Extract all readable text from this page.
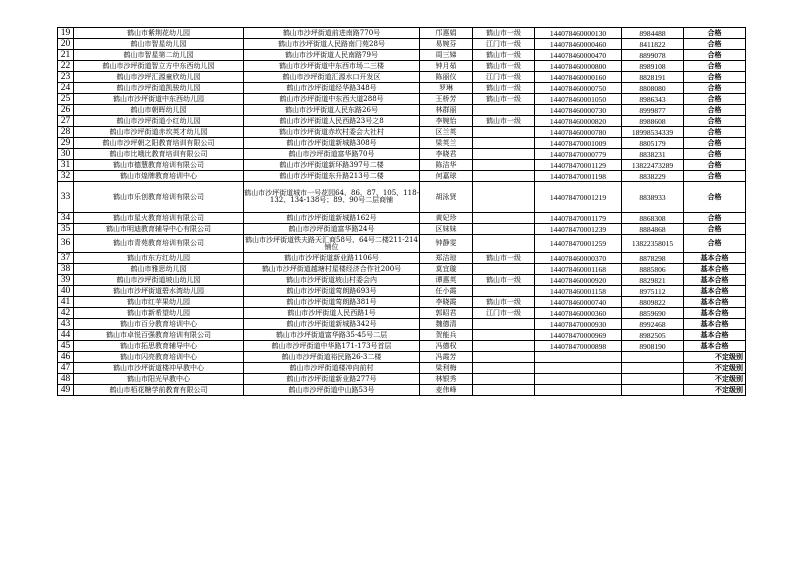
19	鹤山市紫荆花幼儿园	鹤山市沙坪街道前进南路770号	邝惠娟	鹤山市一级	144078460000130	8984488	合格
20	鹤山市智星幼儿园	鹤山市沙坪街道人民路南门苑28号	易婉芬	江门市一级	144078460000460	8411822	合格
21	鹤山市智星第二幼儿园	鹤山市沙坪街道人民南路79号	周三娣	鹤山市一级	144078460000470	8899078	合格
22	鹤山市沙坪街道智立方中东西幼儿园	鹤山市沙坪街道中东西市场二三楼	钟月茹	鹤山市一级	144078460000800	8989108	合格
23	鹤山市沙坪汇源童欣幼儿园	鹤山市沙坪街道汇源水口开发区	陈丽仪	江门市一级	144078460000160	8828191	合格
24	鹤山市沙坪街道凯骏幼儿园	鹤山市沙坪街道经华路348号	罗琳	鹤山市一级	144078460000750	8808080	合格
25	鹤山市沙坪街道中东西幼儿园	鹤山市沙坪街道中东西大道288号	王桥芳	鹤山市一级	144078460001050	8986343	合格
26	鹤山市朝晖幼儿园	鹤山市沙坪街道人民东路26号	林群丽		144078460000730	8999877	合格
27	鹤山市沙坪街道小红幼儿园	鹤山市沙坪街道人民西路23号之8	李婉怡	鹤山市一级	144078460000820	8988608	合格
28	鹤山市沙坪街道赤坎英才幼儿园	鹤山市沙坪街道赤坎村委会大社村	区兰英		144078460000780	18998534339	合格
29	鹤山市沙坪朝之阳教育培训有限公司	鹤山市沙坪街道新城路308号	梁英兰		144078470001009	8805179	合格
30	鹤山市比哦比教育培训有限公司	鹤山市沙坪街道富华路70号	李晓君		144078470000779	8838231	合格
31	鹤山市德慧教育培训有限公司	鹤山市沙坪街道新环路397号二楼	陈洁华		144078470001129	13822473289	合格
32	鹤山市煌牌教育培训中心	鹤山市沙坪街道东升路213号二楼	何嘉球		144078470001198	8838229	合格
33	鹤山市乐创教育培训有限公司	鹤山市沙坪街道城市一号花园64、86、87、105、118-132、134-138号；89、90号二层商铺	胡泳贤		144078470001219	8838933	合格
34	鹤山市星火教育培训有限公司	鹤山市沙坪街道新城路162号	黄妃珍		144078470001179	8868308	合格
35	鹤山市明迪教育辅导中心有限公司	鹤山市沙坪街道富华路24号	区妹妹		144078470001239	8884868	合格
36	鹤山市青苑教育培训有限公司	鹤山市沙坪街道铁夫路天汇商58号、64号二楼211-214铺位	钟静雯		144078470001259	13822358015	合格
37	鹤山市东方红幼儿园	鹤山市沙坪街道新业路1106号	郑洁琼	鹤山市一级	144078460000370	8878298	基本合格
38	鹤山市雅思幼儿园	鹤山市沙坪街道越塘村星楼经济合作社200号	莫宜璇		144078460001168	8885806	基本合格
39	鹤山市沙坪街道坡山幼儿园	鹤山市沙坪街道坡山村委会内	谭惠英	鹤山市一级	144078460000920	8829821	基本合格
40	鹤山市沙坪街道碧水湾幼儿园	鹤山市沙坪街道莺朗路693号	任小霞		144078460001158	8975112	基本合格
41	鹤山市红苹果幼儿园	鹤山市沙坪街道莺朗路381号	李晓霞	鹤山市一级	144078460000740	8809822	基本合格
42	鹤山市新希望幼儿园	鹤山市沙坪街道人民西路1号	郭昭君	江门市一级	144078460000360	8859690	基本合格
43	鹤山市百分教育培训中心	鹤山市沙坪街道新城路342号	魏德清		144078470000930	8992468	基本合格
44	鹤山市卓悦百强教育培训有限公司	鹤山市沙坪街道富华路35-45号二层	贺能兵		144078470000969	8982505	基本合格
45	鹤山市拓思教育辅导中心	鹤山市沙坪街道中华路171-173号首层	冯德权		144078470000898	8908190	基本合格
46	鹤山市闪亮教育培训中心	鹤山市沙坪街道裕民路26-3二楼	冯霞芳				不定级别
47	鹤山市沙坪街道楼冲早教中心	鹤山市沙坪街道楼冲向前村	梁利梅				不定级别
48	鹤山市阳光早教中心	鹤山市沙坪街道新业路277号	林银秀				不定级别
49	鹤山市栢花糖学前教育有限公司	鹤山市沙坪街道中山路53号	麦伟峰				不定级别
